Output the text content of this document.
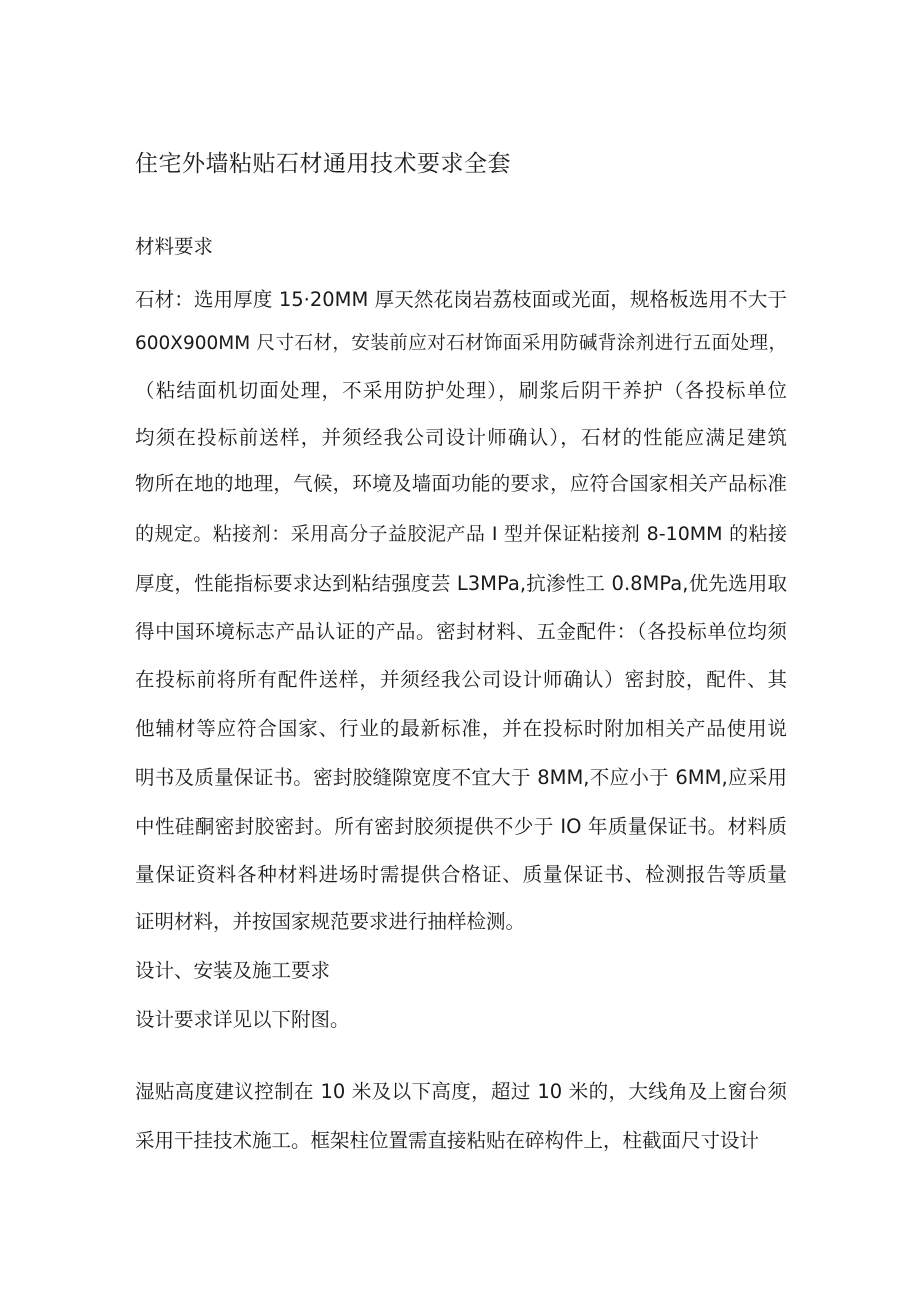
住宅外墙粘贴石材通用技术要求全套

材料要求

石材：选用厚度 15·20MM 厚天然花岗岩荔枝面或光面，规格板选用不大于

600X900MM 尺寸石材，安装前应对石材饰面采用防碱背涂剂进行五面处理，

（粘结面机切面处理，不采用防护处理），刷浆后阴干养护（各投标单位

均须在投标前送样，并须经我公司设计师确认），石材的性能应满足建筑

物所在地的地理，气候，环境及墙面功能的要求，应符合国家相关产品标准

的规定。粘接剂：采用高分子益胶泥产品 I 型并保证粘接剂 8-10MM 的粘接

厚度，性能指标要求达到粘结强度芸 L3MPa,抗渗性工 0.8MPa,优先选用取

得中国环境标志产品认证的产品。密封材料、五金配件：（各投标单位均须

在投标前将所有配件送样，并须经我公司设计师确认）密封胶，配件、其

他辅材等应符合国家、行业的最新标准，并在投标时附加相关产品使用说

明书及质量保证书。密封胶缝隙宽度不宜大于 8MM,不应小于 6MM,应采用

中性硅酮密封胶密封。所有密封胶须提供不少于 IO 年质量保证书。材料质

量保证资料各种材料进场时需提供合格证、质量保证书、检测报告等质量

证明材料，并按国家规范要求进行抽样检测。

设计、安装及施工要求

设计要求详见以下附图。

湿贴高度建议控制在 10 米及以下高度，超过 10 米的，大线角及上窗台须

采用干挂技术施工。框架柱位置需直接粘贴在碎构件上，柱截面尺寸设计
